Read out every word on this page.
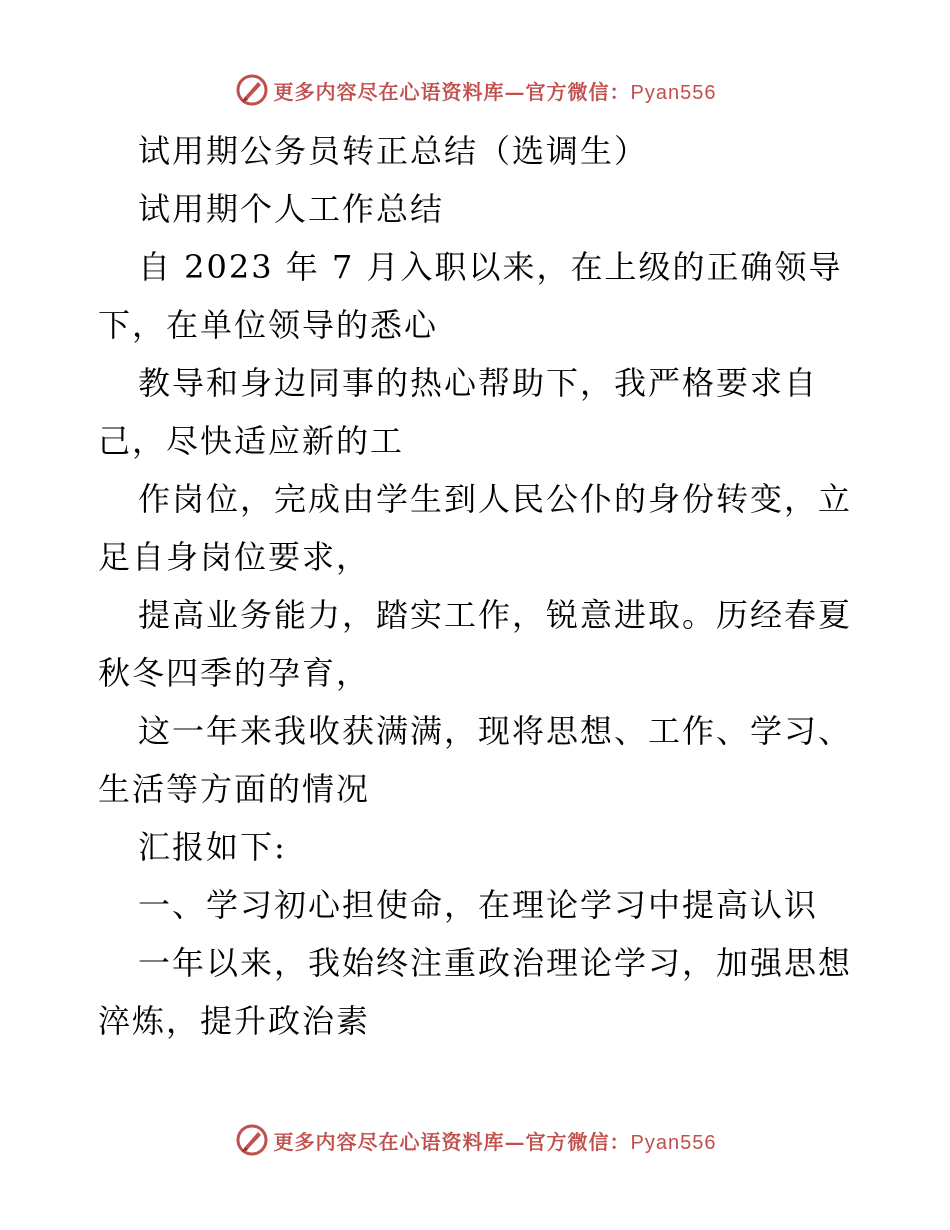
更多内容尽在心语资料库—官方微信：Pyan556
试用期公务员转正总结（选调生）
试用期个人工作总结
自 2023 年 7 月入职以来，在上级的正确领导
下，在单位领导的悉心
教导和身边同事的热心帮助下，我严格要求自
己，尽快适应新的工
作岗位，完成由学生到人民公仆的身份转变，立
足自身岗位要求，
提高业务能力，踏实工作，锐意进取。历经春夏
秋冬四季的孕育，
这一年来我收获满满，现将思想、工作、学习、
生活等方面的情况
汇报如下:
一、学习初心担使命，在理论学习中提高认识
一年以来，我始终注重政治理论学习，加强思想
淬炼，提升政治素
更多内容尽在心语资料库—官方微信：Pyan556
